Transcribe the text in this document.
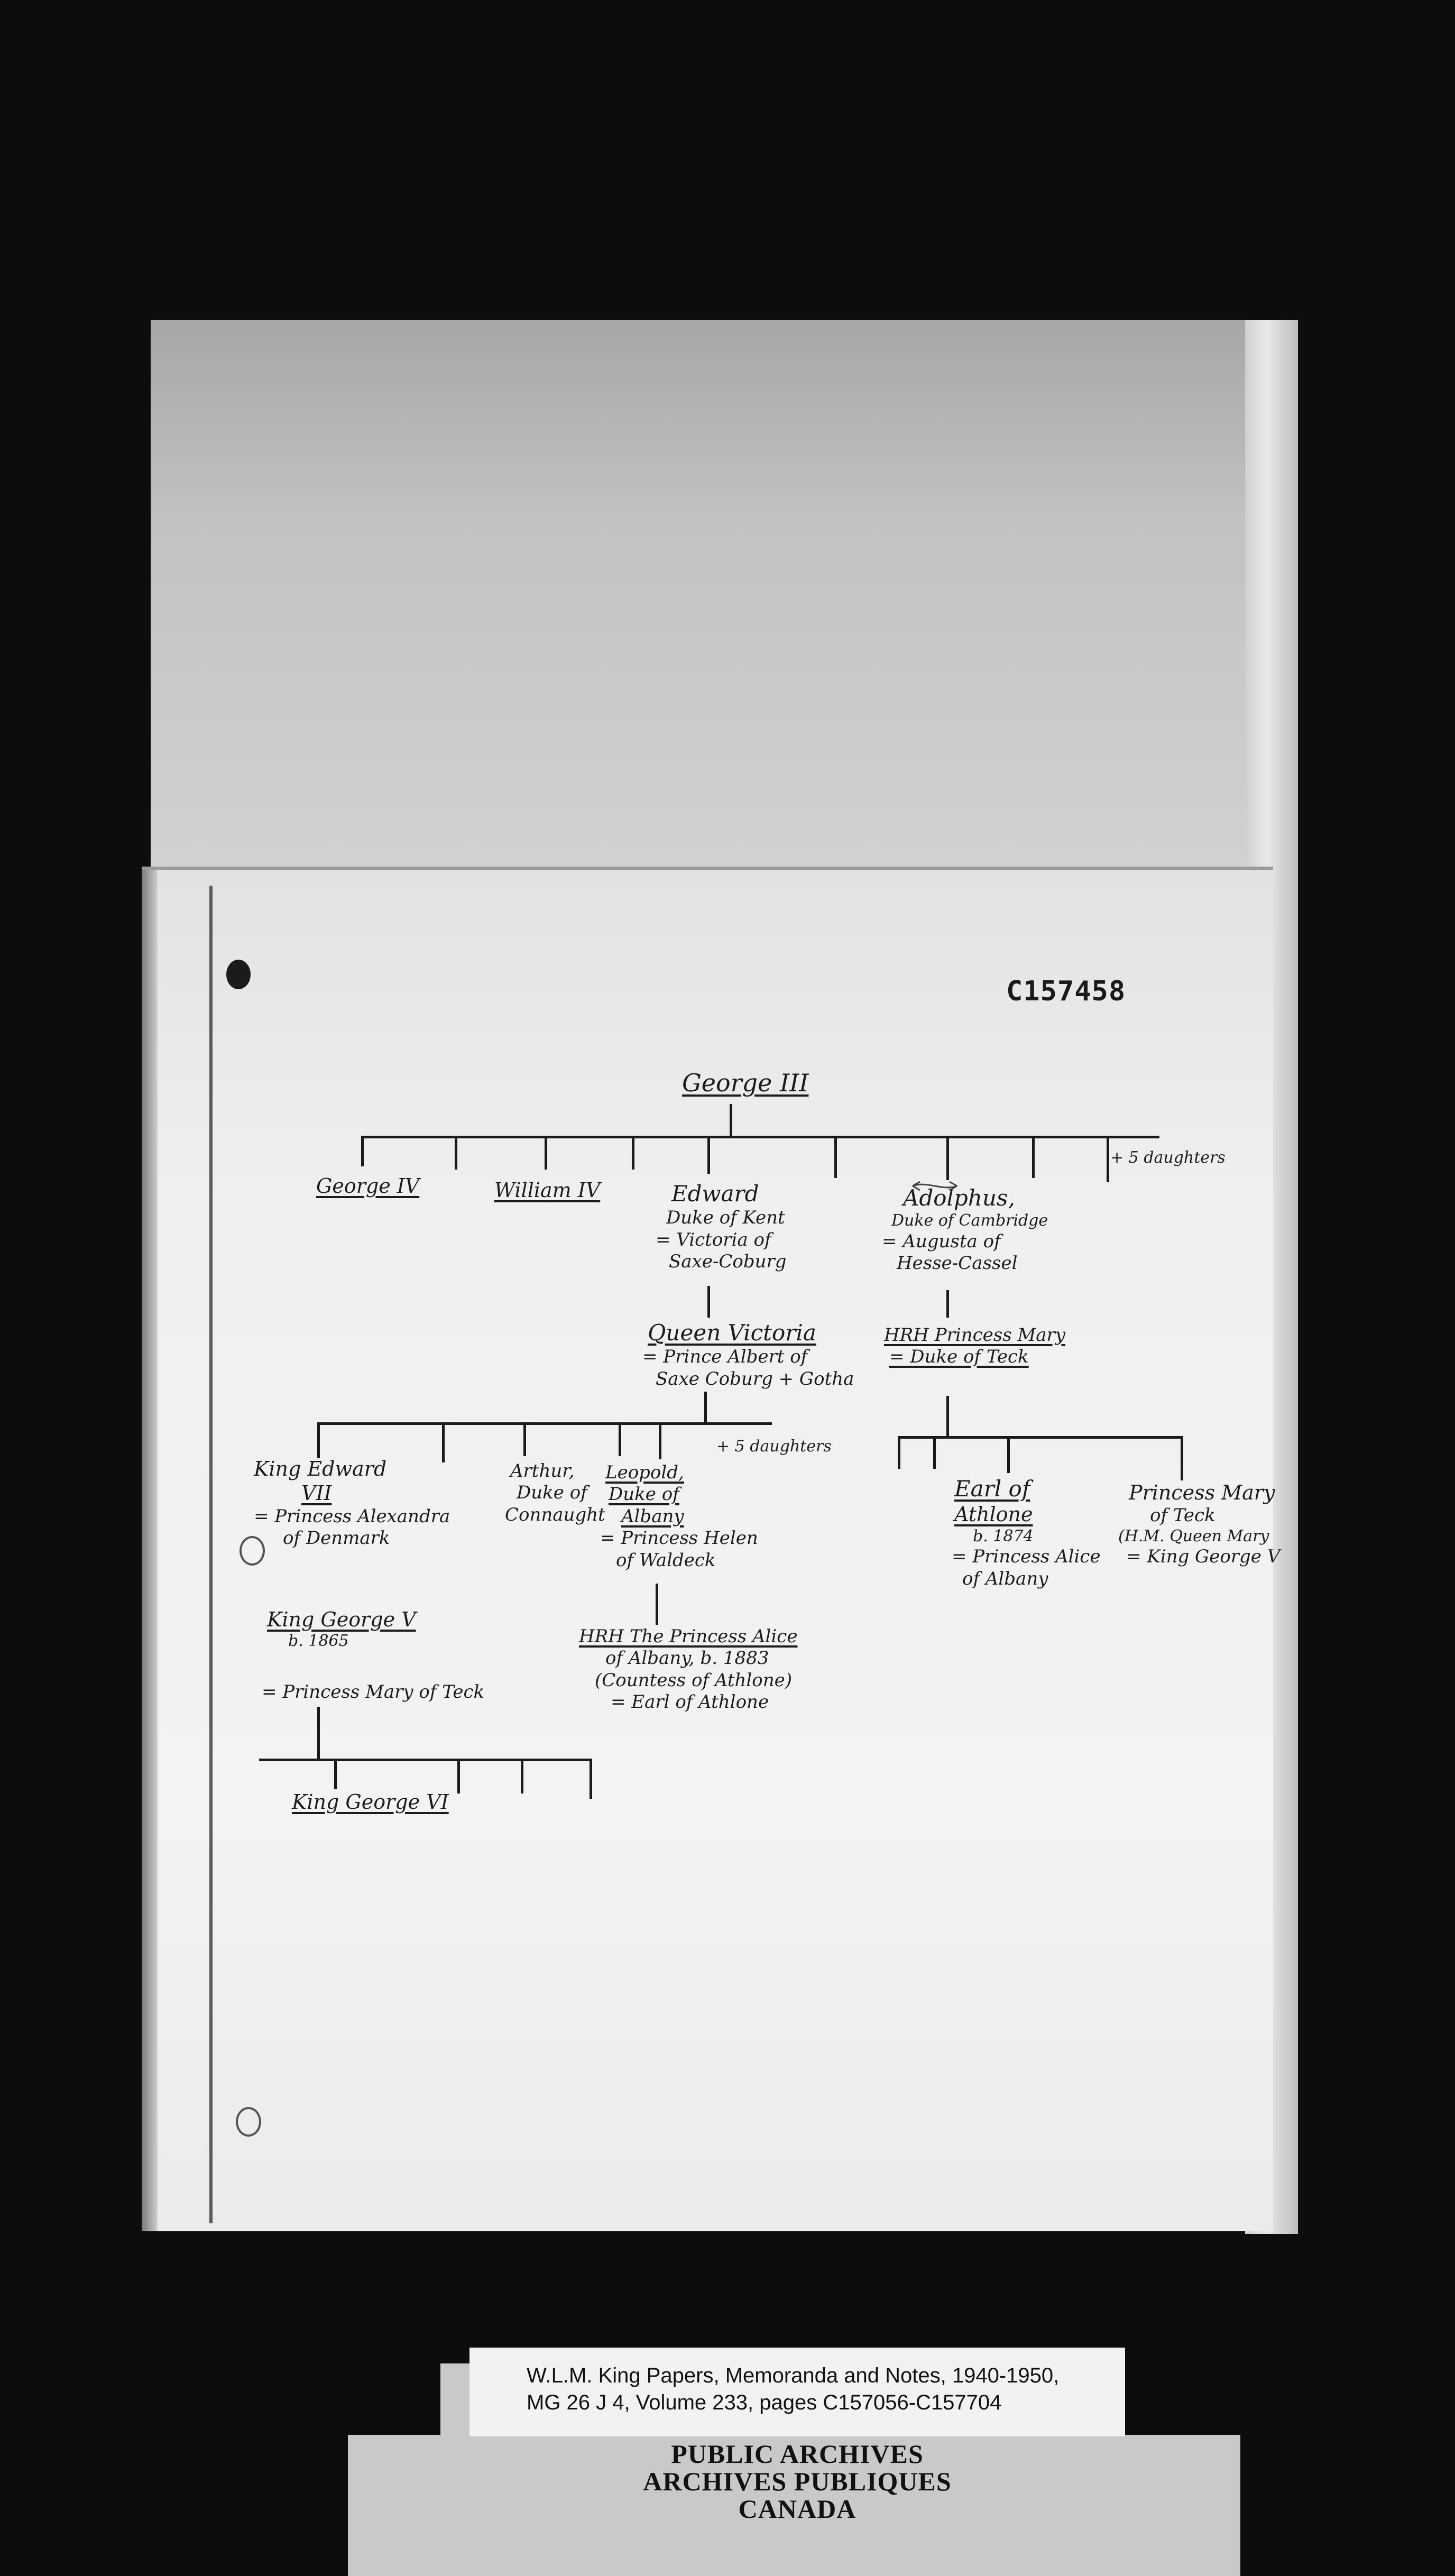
C157458
George III
+ 5 daughters
George IV	William IV	Edward
Duke of Kent
= Victoria of
Saxe-Coburg
Adolphus,
Duke of Cambridge
= Augusta of
Hesse-Cassel
Queen Victoria
= Prince Albert of
Saxe Coburg + Gotha
HRH Princess Mary
= Duke of Teck
+ 5 daughters
King Edward
VII
= Princess Alexandra
of Denmark
Arthur,
Duke of
Connaught
Leopold,
Duke of
Albany
= Princess Helen
of Waldeck
Earl of
Athlone
b. 1874
= Princess Alice
of Albany
Princess Mary
of Teck
(H.M. Queen Mary
= King George V
King George V
b. 1865
= Princess Mary of Teck
King George VI
HRH The Princess Alice
of Albany, b. 1883
(Countess of Athlone)
= Earl of Athlone
W.L.M. King Papers, Memoranda and Notes, 1940-1950,
MG 26 J 4, Volume 233, pages C157056-C157704
PUBLIC ARCHIVES
ARCHIVES PUBLIQUES
CANADA
